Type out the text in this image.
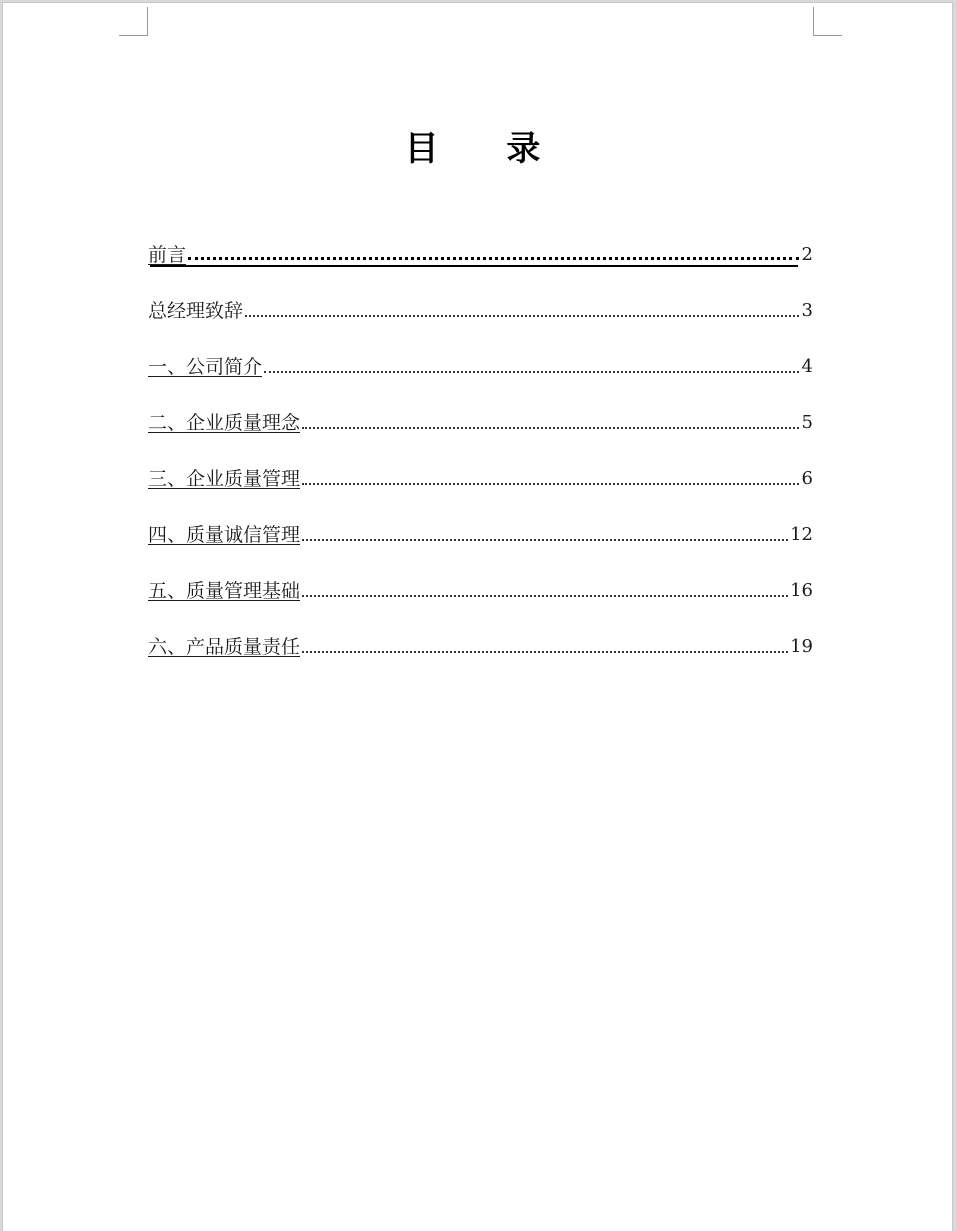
目 录
前言	2
总经理致辞	3
一、公司简介	4
二、企业质量理念	5
三、企业质量管理	6
四、质量诚信管理	12
五、质量管理基础	16
六、产品质量责任	19
